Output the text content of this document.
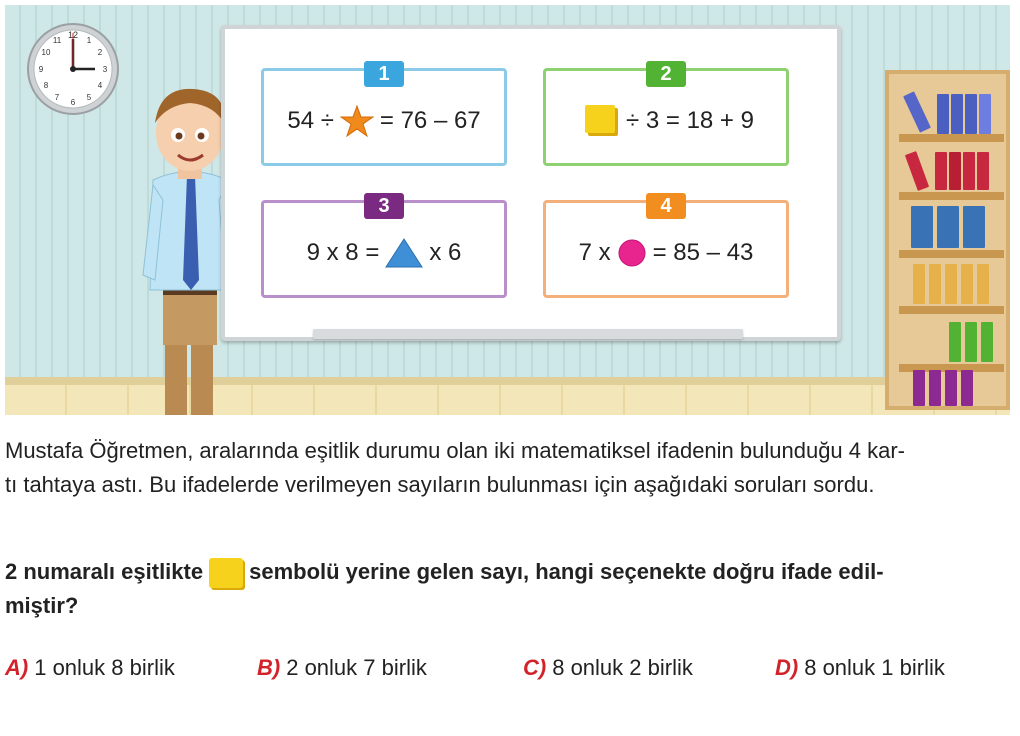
12
1
2
3
4
5
6
7
8
9
10
11
1
54 ÷ = 76 – 67
2
÷ 3 = 18 + 9
3
9 x 8 = x 6
4
7 x = 85 – 43
Mustafa Öğretmen, aralarında eşitlik durumu olan iki matematiksel ifadenin bulunduğu 4 kar-
tı tahtaya astı. Bu ifadelerde verilmeyen sayıların bulunması için aşağıdaki soruları sordu.
2 numaralı eşitlikte sembolü yerine gelen sayı, hangi seçenekte doğru ifade edil-
miştir?
A) 1 onluk 8 birlik	B) 2 onluk 7 birlik	C) 8 onluk 2 birlik	D) 8 onluk 1 birlik
